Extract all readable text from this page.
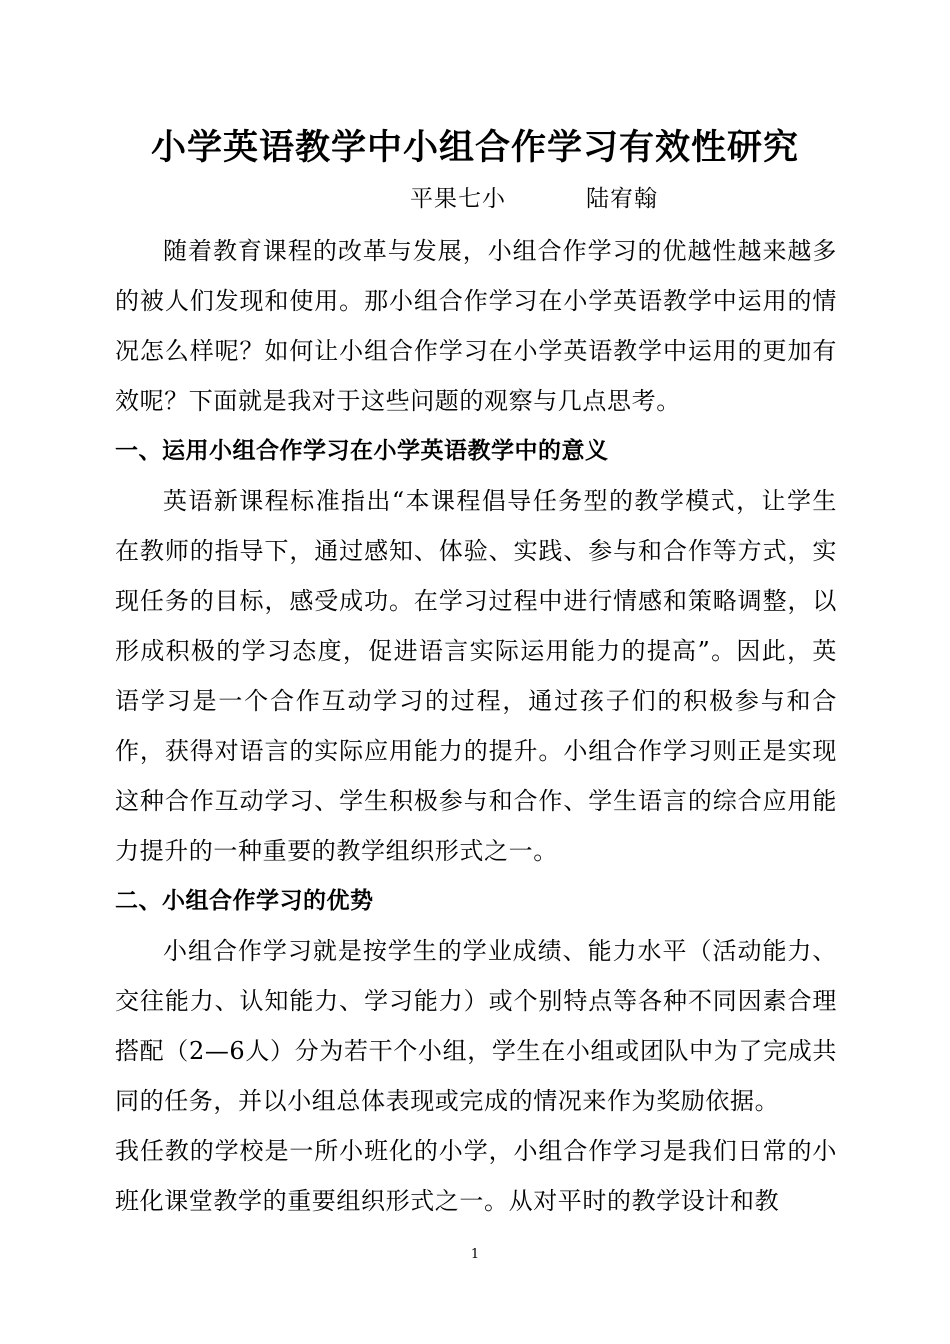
小学英语教学中小组合作学习有效性研究
平果七小	陆宥翰

随着教育课程的改革与发展，小组合作学习的优越性越来越多的被人们发现和使用。那小组合作学习在小学英语教学中运用的情况怎么样呢？如何让小组合作学习在小学英语教学中运用的更加有效呢？下面就是我对于这些问题的观察与几点思考。

一、运用小组合作学习在小学英语教学中的意义

英语新课程标准指出“本课程倡导任务型的教学模式，让学生在教师的指导下，通过感知、体验、实践、参与和合作等方式，实现任务的目标，感受成功。在学习过程中进行情感和策略调整，以形成积极的学习态度，促进语言实际运用能力的提高”。因此，英语学习是一个合作互动学习的过程，通过孩子们的积极参与和合作，获得对语言的实际应用能力的提升。小组合作学习则正是实现这种合作互动学习、学生积极参与和合作、学生语言的综合应用能力提升的一种重要的教学组织形式之一。

二、小组合作学习的优势

小组合作学习就是按学生的学业成绩、能力水平（活动能力、交往能力、认知能力、学习能力）或个别特点等各种不同因素合理搭配（2—6人）分为若干个小组，学生在小组或团队中为了完成共同的任务，并以小组总体表现或完成的情况来作为奖励依据。

我任教的学校是一所小班化的小学，小组合作学习是我们日常的小班化课堂教学的重要组织形式之一。从对平时的教学设计和教

1
